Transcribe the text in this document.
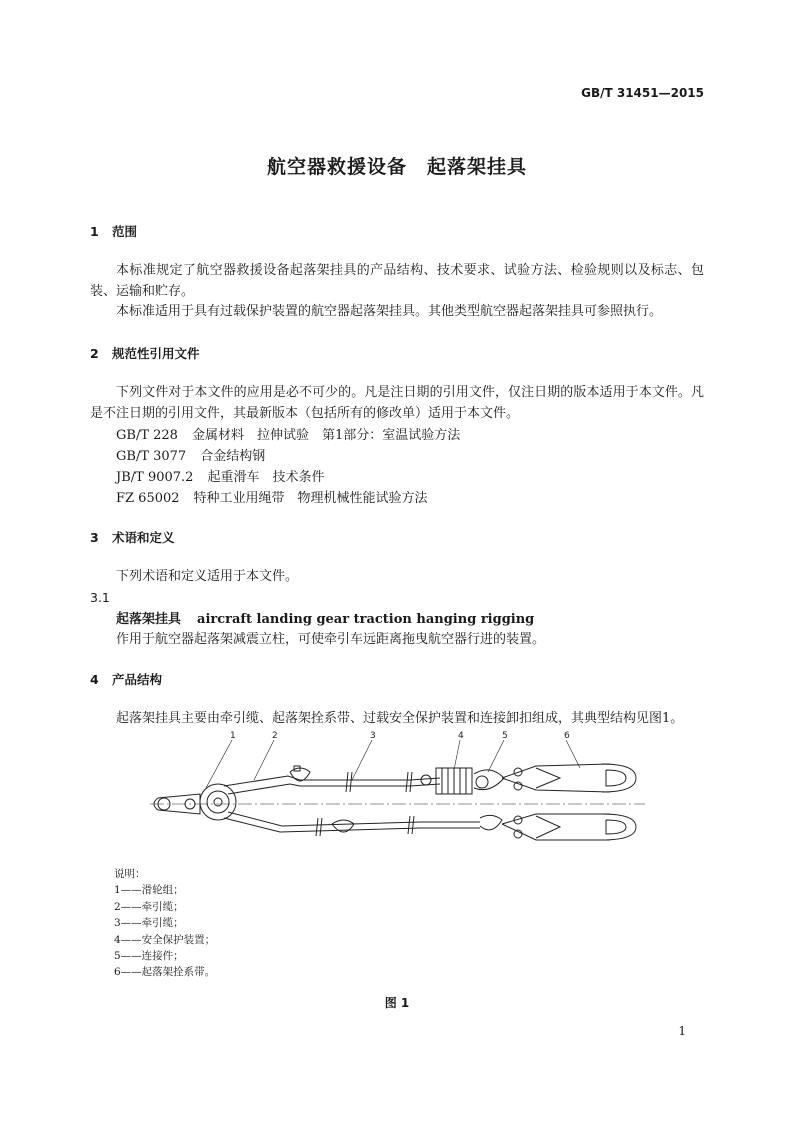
GB/T 31451—2015
航空器救援设备　起落架挂具
1 范围
本标准规定了航空器救援设备起落架挂具的产品结构、技术要求、试验方法、检验规则以及标志、包装、运输和贮存。
本标准适用于具有过载保护装置的航空器起落架挂具。其他类型航空器起落架挂具可参照执行。
2 规范性引用文件
下列文件对于本文件的应用是必不可少的。凡是注日期的引用文件，仅注日期的版本适用于本文件。凡是不注日期的引用文件，其最新版本（包括所有的修改单）适用于本文件。
GB/T 228 金属材料　拉伸试验　第1部分：室温试验方法
GB/T 3077 合金结构钢
JB/T 9007.2 起重滑车　技术条件
FZ 65002 特种工业用绳带　物理机械性能试验方法
3 术语和定义
下列术语和定义适用于本文件。
3.1
起落架挂具 aircraft landing gear traction hanging rigging
作用于航空器起落架减震立柱，可使牵引车远距离拖曳航空器行进的装置。
4 产品结构
起落架挂具主要由牵引缆、起落架拴系带、过载安全保护装置和连接卸扣组成，其典型结构见图1。
1	2	3	4	5	6
说明：
1——滑轮组；
2——牵引缆；
3——牵引缆；
4——安全保护装置；
5——连接件；
6——起落架拴系带。
图 1
1
